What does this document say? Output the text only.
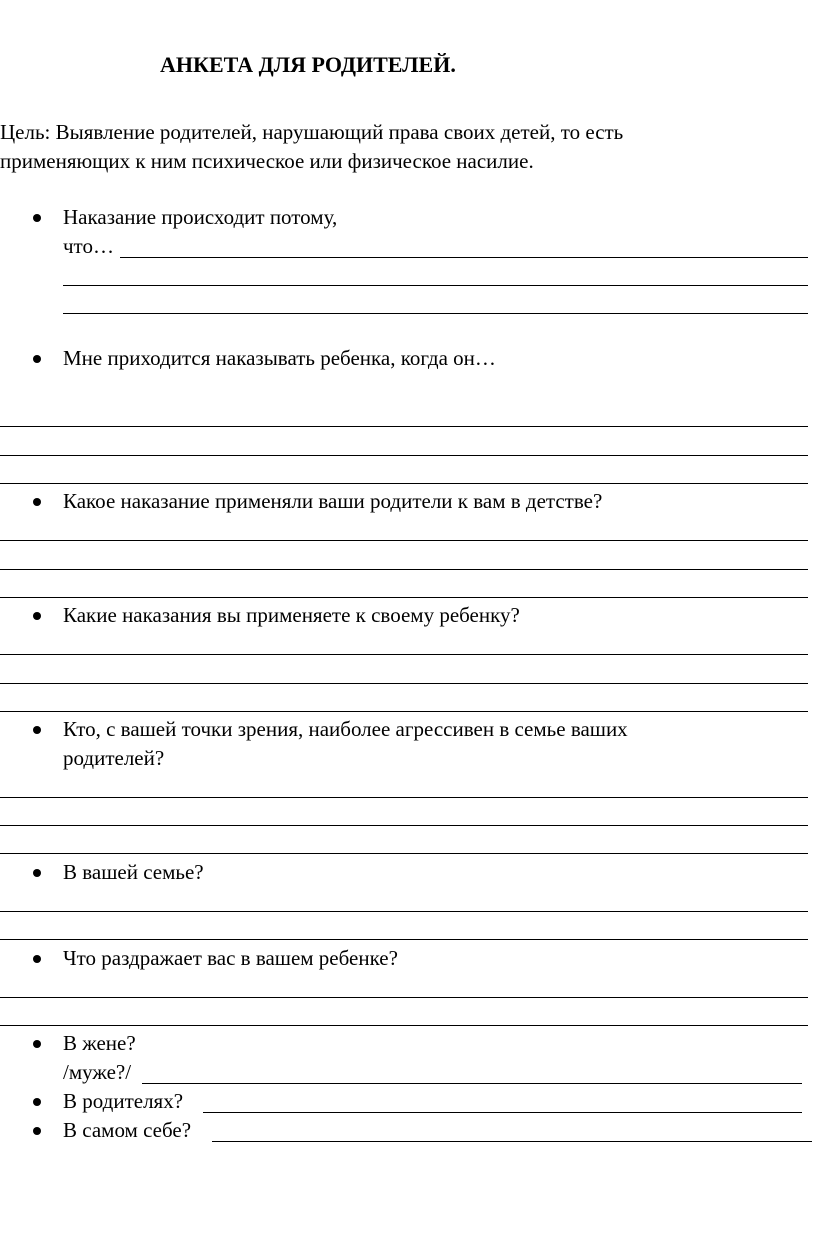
АНКЕТА ДЛЯ РОДИТЕЛЕЙ.
Цель: Выявление родителей, нарушающий права своих детей, то есть
применяющих к ним психическое или физическое насилие.
Наказание происходит потому,
что…
Мне приходится наказывать ребенка, когда он…
Какое наказание применяли ваши родители к вам в детстве?
Какие наказания вы применяете к своему ребенку?
Кто, с вашей точки зрения, наиболее агрессивен в семье ваших
родителей?
В вашей семье?
Что раздражает вас в вашем ребенке?
В жене?
/муже?/
В родителях?
В самом себе?
